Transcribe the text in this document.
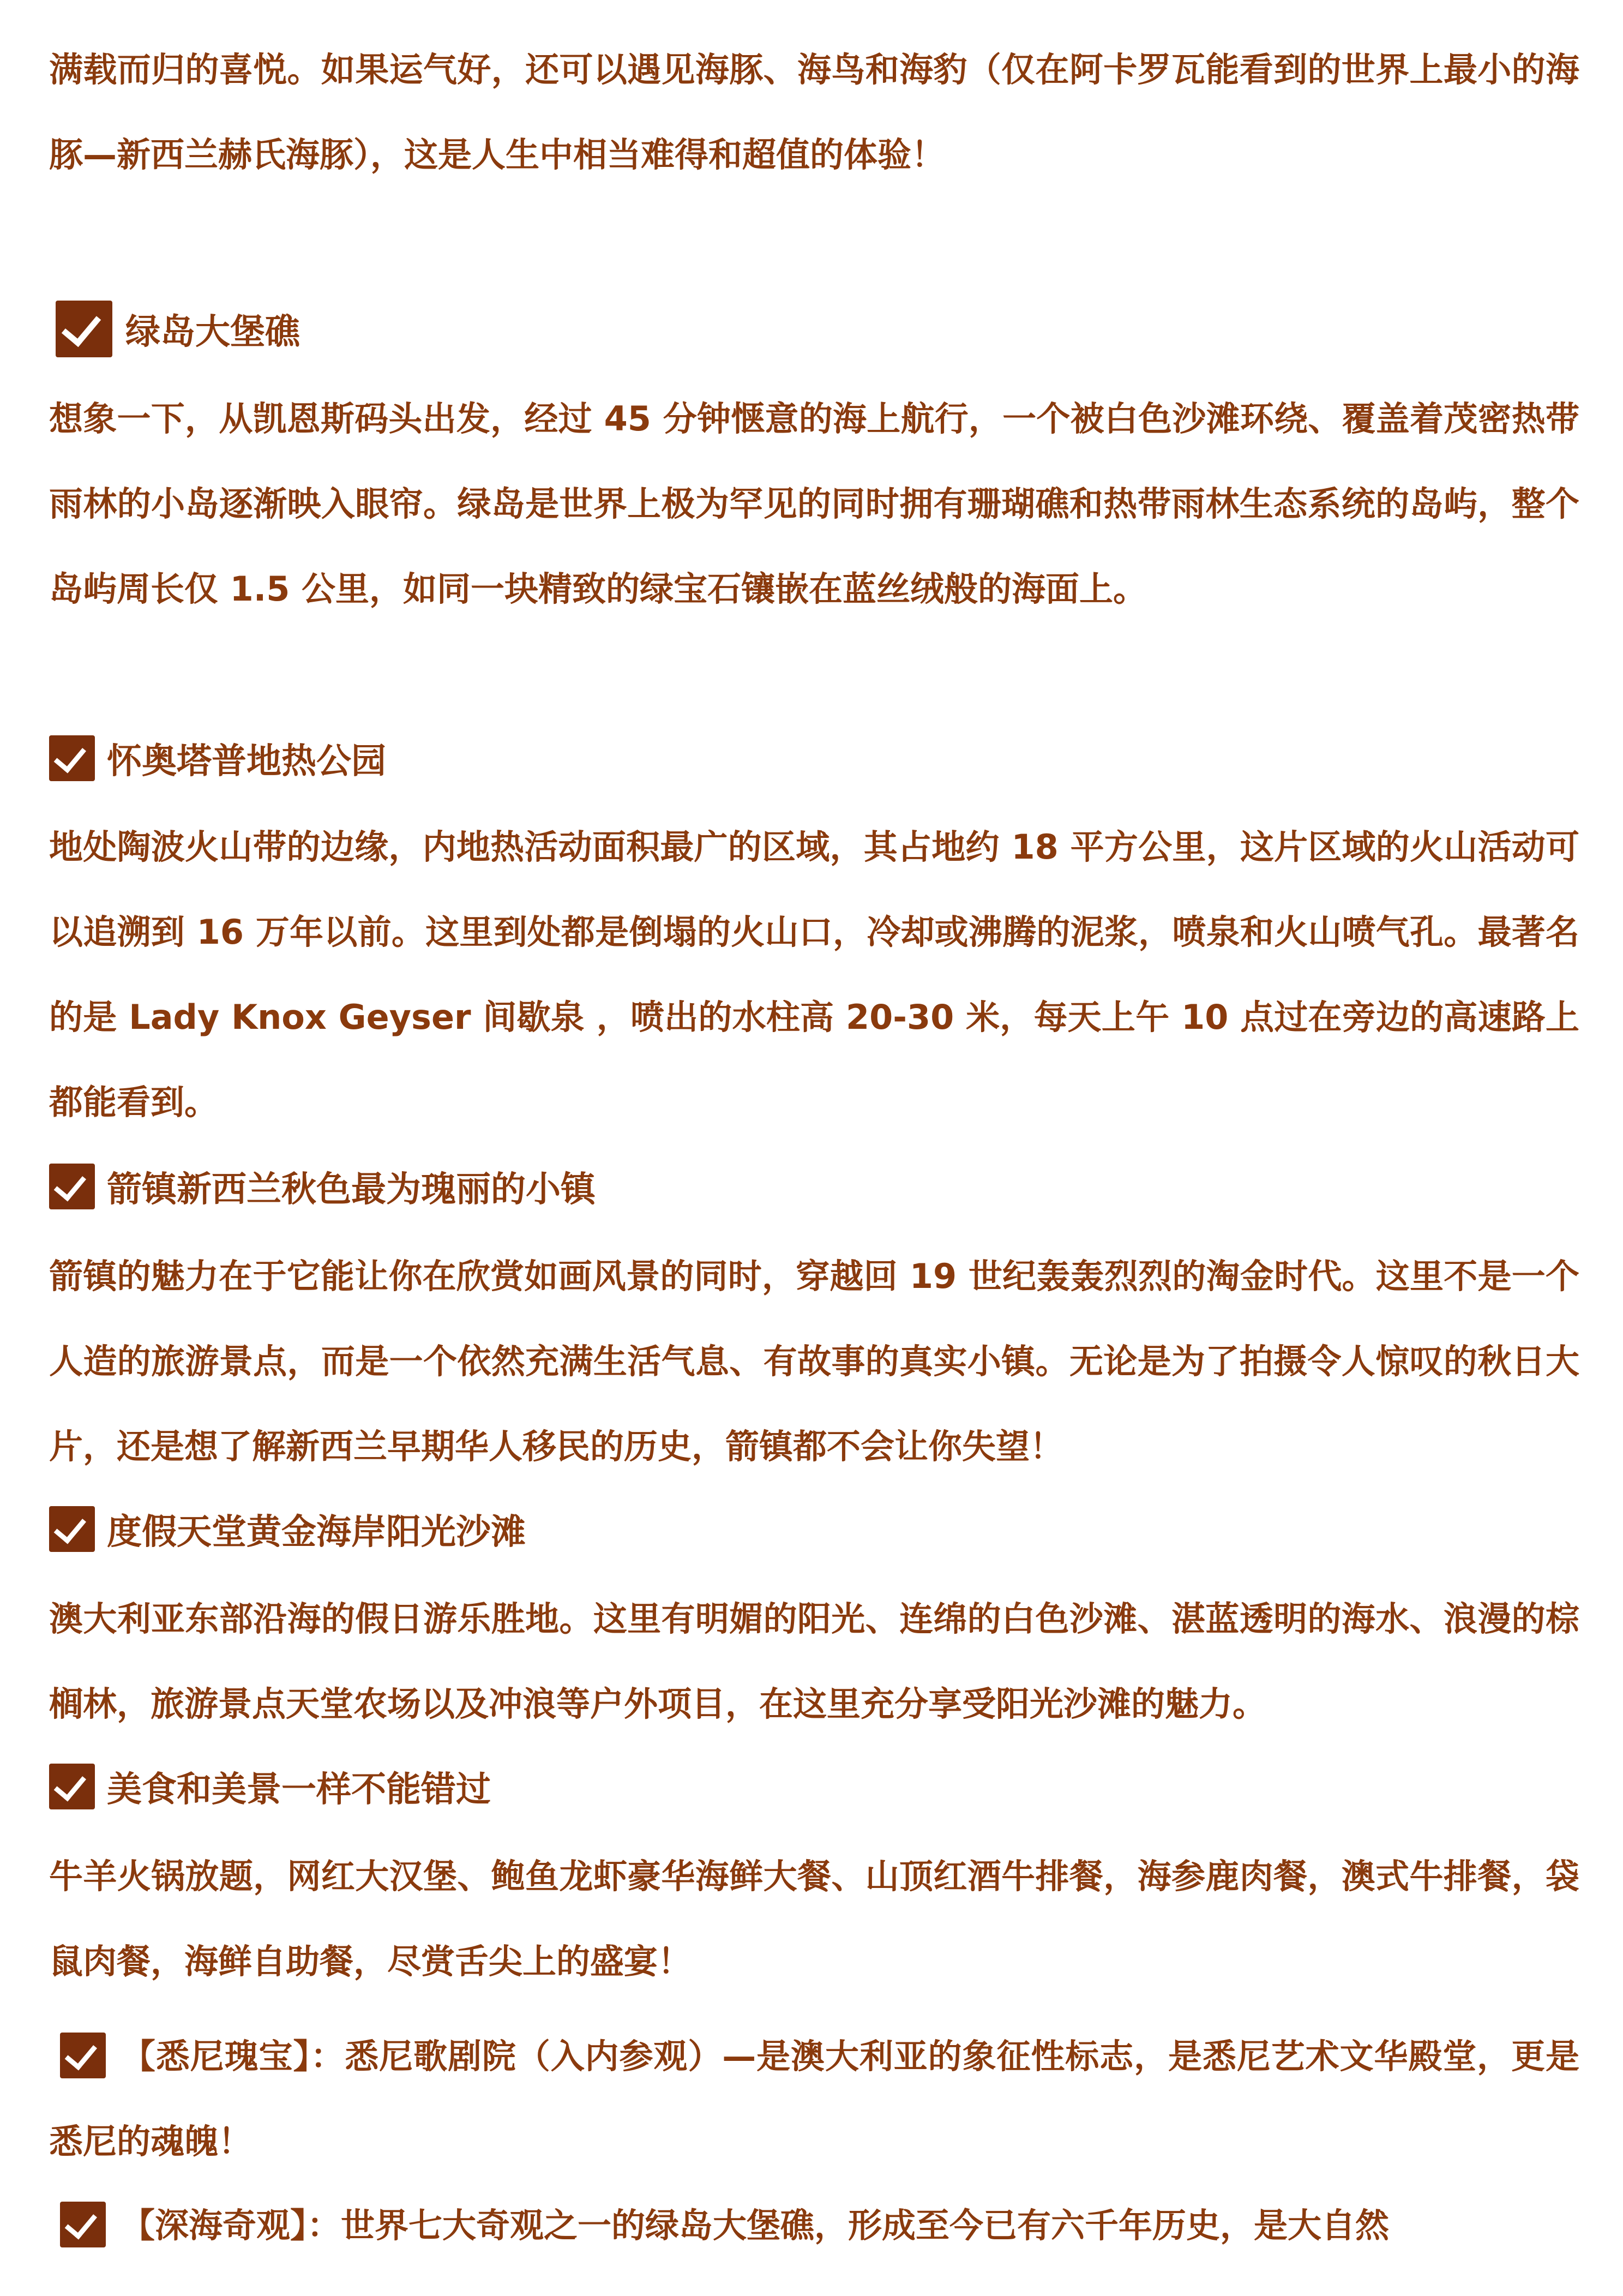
满载而归的喜悦。如果运气好，还可以遇见海豚、海鸟和海豹（仅在阿卡罗瓦能看到的世界上最小的海豚—新西兰赫氏海豚），这是人生中相当难得和超值的体验！

绿岛大堡礁

想象一下，从凯恩斯码头出发，经过 45 分钟惬意的海上航行，一个被白色沙滩环绕、覆盖着茂密热带雨林的小岛逐渐映入眼帘。绿岛是世界上极为罕见的同时拥有珊瑚礁和热带雨林生态系统的岛屿，整个岛屿周长仅 1.5 公里，如同一块精致的绿宝石镶嵌在蓝丝绒般的海面上。

怀奥塔普地热公园

地处陶波火山带的边缘，内地热活动面积最广的区域，其占地约 18 平方公里，这片区域的火山活动可以追溯到 16 万年以前。这里到处都是倒塌的火山口，冷却或沸腾的泥浆，喷泉和火山喷气孔。最著名的是 Lady Knox Geyser 间歇泉 ，喷出的水柱高 20-30 米，每天上午 10 点过在旁边的高速路上都能看到。

箭镇新西兰秋色最为瑰丽的小镇

箭镇的魅力在于它能让你在欣赏如画风景的同时，穿越回 19 世纪轰轰烈烈的淘金时代。这里不是一个人造的旅游景点，而是一个依然充满生活气息、有故事的真实小镇。无论是为了拍摄令人惊叹的秋日大片，还是想了解新西兰早期华人移民的历史，箭镇都不会让你失望！

度假天堂黄金海岸阳光沙滩

澳大利亚东部沿海的假日游乐胜地。这里有明媚的阳光、连绵的白色沙滩、湛蓝透明的海水、浪漫的棕榈林，旅游景点天堂农场以及冲浪等户外项目，在这里充分享受阳光沙滩的魅力。

美食和美景一样不能错过

牛羊火锅放题，网红大汉堡、鲍鱼龙虾豪华海鲜大餐、山顶红酒牛排餐，海参鹿肉餐，澳式牛排餐，袋鼠肉餐，海鲜自助餐，尽赏舌尖上的盛宴！

【悉尼瑰宝】：悉尼歌剧院（入内参观）—是澳大利亚的象征性标志，是悉尼艺术文华殿堂，更是悉尼的魂魄！

【深海奇观】：世界七大奇观之一的绿岛大堡礁，形成至今已有六千年历史，是大自然
